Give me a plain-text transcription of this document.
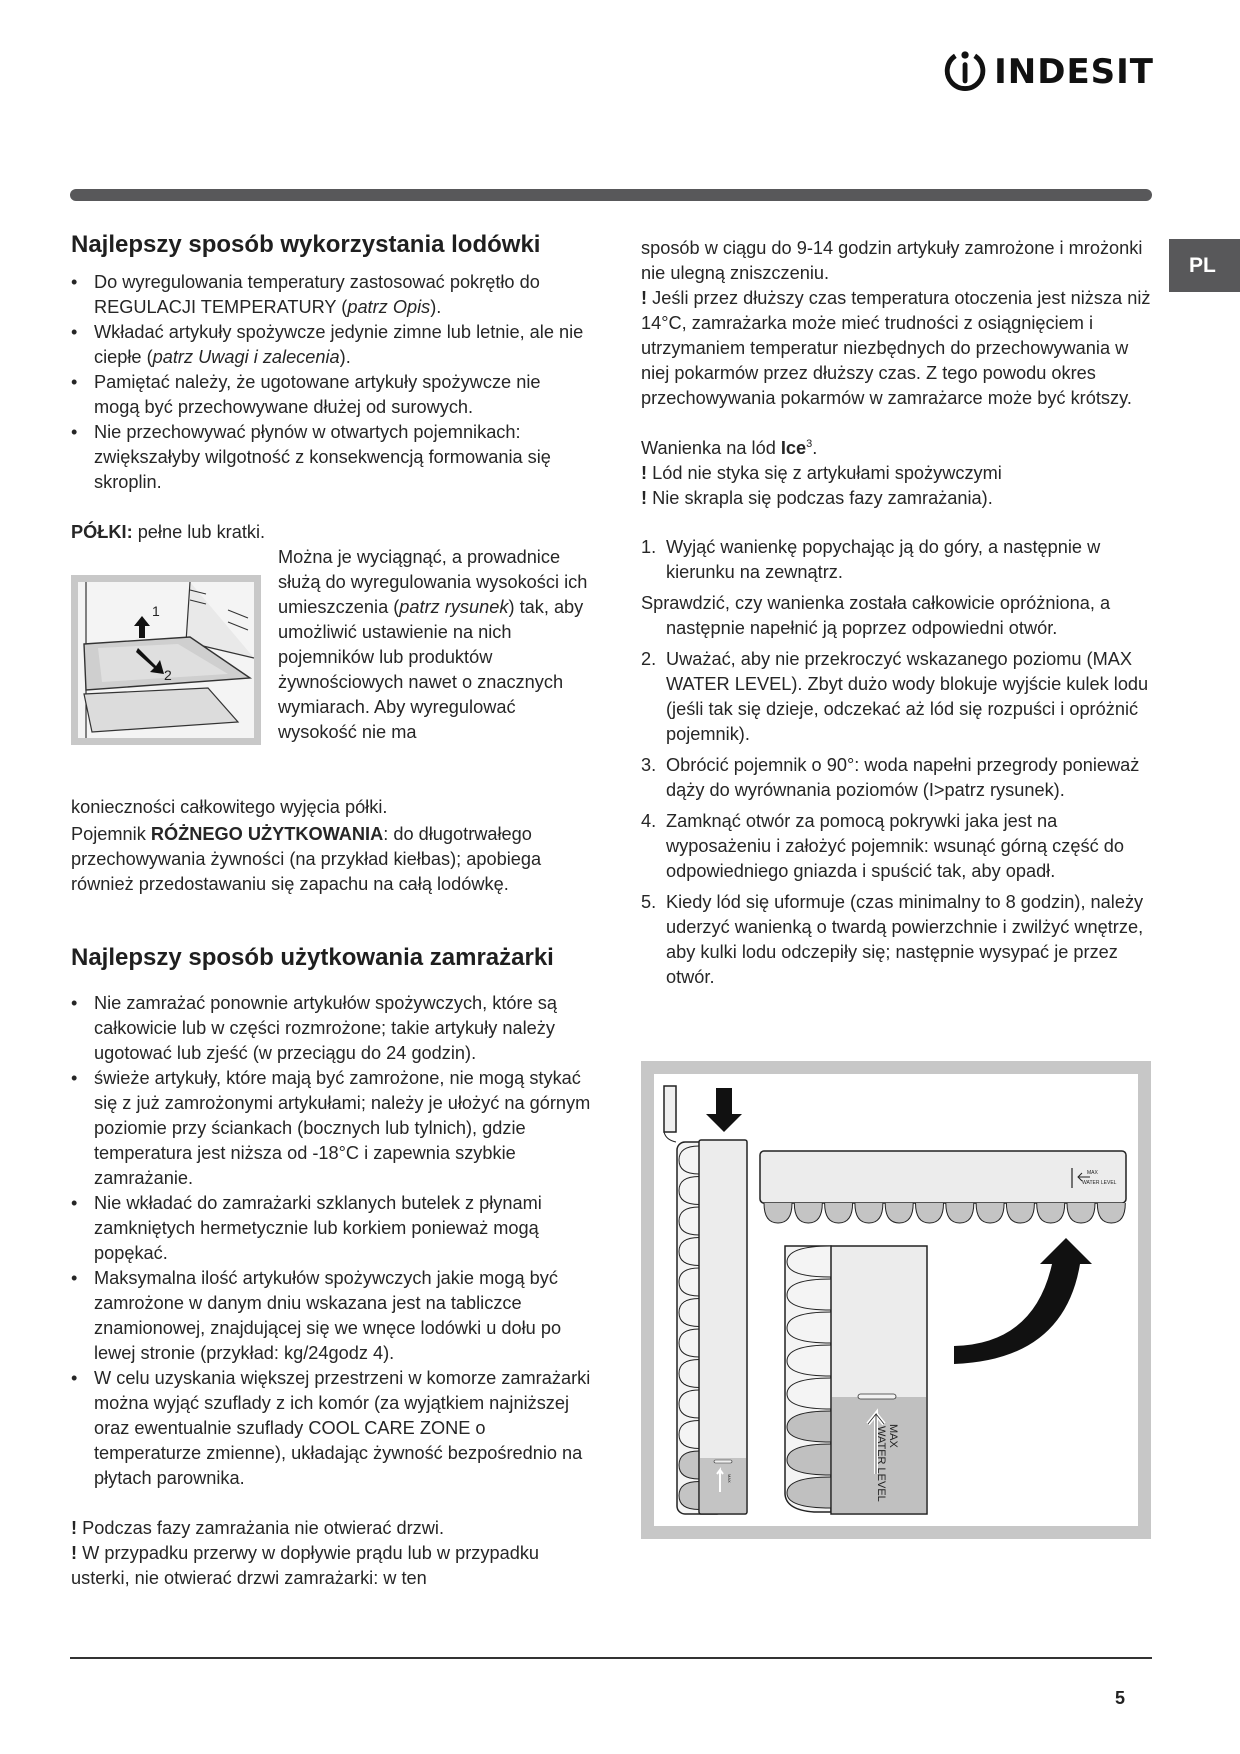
INDESIT
PL
Najlepszy sposób wykorzystania lodówki
• Do wyregulowania temperatury zastosować pokrętło do REGULACJI TEMPERATURY (patrz Opis).
• Wkładać artykuły spożywcze jedynie zimne lub letnie, ale nie ciepłe (patrz Uwagi i zalecenia).
• Pamiętać należy, że ugotowane artykuły spożywcze nie mogą być przechowywane dłużej od surowych.
• Nie przechowywać płynów w otwartych pojemnikach: zwiększałyby wilgotność z konsekwencją formowania się skroplin.
PÓŁKI: pełne lub kratki.
1
2
Można je wyciągnąć, a prowadnice służą do wyregulowania wysokości ich umieszczenia (patrz rysunek) tak, aby umożliwić ustawienie na nich pojemników lub produktów żywnościowych nawet o znacznych wymiarach. Aby wyregulować wysokość nie ma
konieczności całkowitego wyjęcia półki.
Pojemnik RÓŻNEGO UŻYTKOWANIA: do długotrwałego przechowywania żywności (na przykład kiełbas); apobiega również przedostawaniu się zapachu na całą lodówkę.
Najlepszy sposób użytkowania zamrażarki
• Nie zamrażać ponownie artykułów spożywczych, które są całkowicie lub w części rozmrożone; takie artykuły należy ugotować lub zjeść (w przeciągu do 24 godzin).
• świeże artykuły, które mają być zamrożone, nie mogą stykać się z już zamrożonymi artykułami; należy je ułożyć na górnym poziomie przy ściankach (bocznych lub tylnich), gdzie temperatura jest niższa od -18°C i zapewnia szybkie zamrażanie.
• Nie wkładać do zamrażarki szklanych butelek z płynami zamkniętych hermetycznie lub korkiem ponieważ mogą popękać.
• Maksymalna ilość artykułów spożywczych jakie mogą być zamrożone w danym dniu wskazana jest na tabliczce znamionowej, znajdującej się we wnęce lodówki u dołu po lewej stronie (przykład: kg/24godz 4).
• W celu uzyskania większej przestrzeni w komorze zamrażarki można wyjąć szuflady z ich komór (za wyjątkiem najniższej oraz ewentualnie szuflady COOL CARE ZONE o temperaturze zmienne), układając żywność bezpośrednio na płytach parownika.
! Podczas fazy zamrażania nie otwierać drzwi.
! W przypadku przerwy w dopływie prądu lub w przypadku usterki, nie otwierać drzwi zamrażarki: w ten
sposób w ciągu do 9-14 godzin artykuły zamrożone i mrożonki nie ulegną zniszczeniu.
! Jeśli przez dłuższy czas temperatura otoczenia jest niższa niż 14°C, zamrażarka może mieć trudności z osiągnięciem i utrzymaniem temperatur niezbędnych do przechowywania w niej pokarmów przez dłuższy czas. Z tego powodu okres przechowywania pokarmów w zamrażarce może być krótszy.
Wanienka na lód Ice$^3$.
! Lód nie styka się z artykułami spożywczymi
! Nie skrapla się podczas fazy zamrażania).
1. Wyjąć wanienkę popychając ją do góry, a następnie w kierunku na zewnątrz.
Sprawdzić, czy wanienka została całkowicie opróżniona, a następnie napełnić ją poprzez odpowiedni otwór.
2. Uważać, aby nie przekroczyć wskazanego poziomu (MAX WATER LEVEL). Zbyt dużo wody blokuje wyjście kulek lodu (jeśli tak się dzieje, odczekać aż lód się rozpuści i opróżnić pojemnik).
3. Obrócić pojemnik o 90°: woda napełni przegrody ponieważ dąży do wyrównania poziomów (I>patrz rysunek).
4. Zamknąć otwór za pomocą pokrywki jaka jest na wyposażeniu i założyć pojemnik: wsunąć górną część do odpowiedniego gniazda i spuścić tak, aby opadł.
5. Kiedy lód się uformuje (czas minimalny to 8 godzin), należy uderzyć wanienką o twardą powierzchnie i zwilżyć wnętrze, aby kulki lodu odczepiły się; następnie wysypać je przez otwór.
MAX
MAX
WATER LEVEL
MAX
WATER LEVEL
5
